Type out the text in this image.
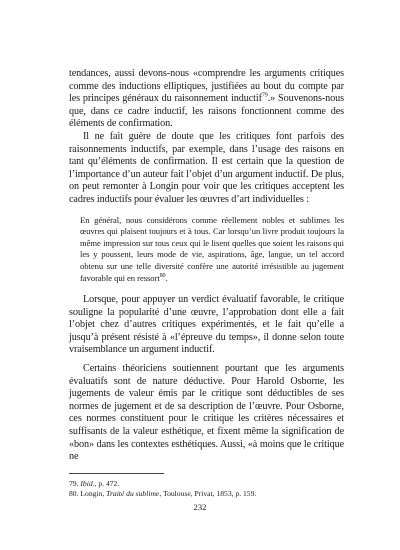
tendances, aussi devons-nous «comprendre les arguments critiques comme des inductions elliptiques, justifiées au bout du compte par les principes généraux du raisonnement inductif$^{79}$.» Souvenons-nous que, dans ce cadre inductif, les raisons fonctionnent comme des éléments de confirmation.

Il ne fait guère de doute que les critiques font parfois des raisonnements inductifs, par exemple, dans l’usage des raisons en tant qu’éléments de confirmation. Il est certain que la question de l’importance d’un auteur fait l’objet d’un argument inductif. De plus, on peut remonter à Longin pour voir que les critiques acceptent les cadres inductifs pour évaluer les œuvres d’art individuelles :

En général, nous considérons comme réellement nobles et sublimes les œuvres qui plaisent toujours et à tous. Car lorsqu’un livre produit toujours la même impression sur tous ceux qui le lisent quelles que soient les raisons qui les y poussent, leurs mode de vie, aspirations, âge, langue, un tel accord obtenu sur une telle diversité confère une autorité irrésistible au jugement favorable qui en ressort$^{80}$.

Lorsque, pour appuyer un verdict évaluatif favorable, le critique souligne la popularité d’une œuvre, l’approbation dont elle a fait l’objet chez d’autres critiques expérimentés, et le fait qu’elle a jusqu’à présent résisté à «l’épreuve du temps», il donne selon toute vraisemblance un argument inductif.

Certains théoriciens soutiennent pourtant que les arguments évaluatifs sont de nature déductive. Pour Harold Osborne, les jugements de valeur émis par le critique sont déductibles de ses normes de jugement et de sa description de l’œuvre. Pour Osborne, ces normes constituent pour le critique les critères nécessaires et suffisants de la valeur esthétique, et fixent même la signification de «bon» dans les contextes esthétiques. Aussi, «à moins que le critique ne

79. Ibid., p. 472.

80. Longin, Traité du sublime, Toulouse, Privat, 1853, p. 159.

232
